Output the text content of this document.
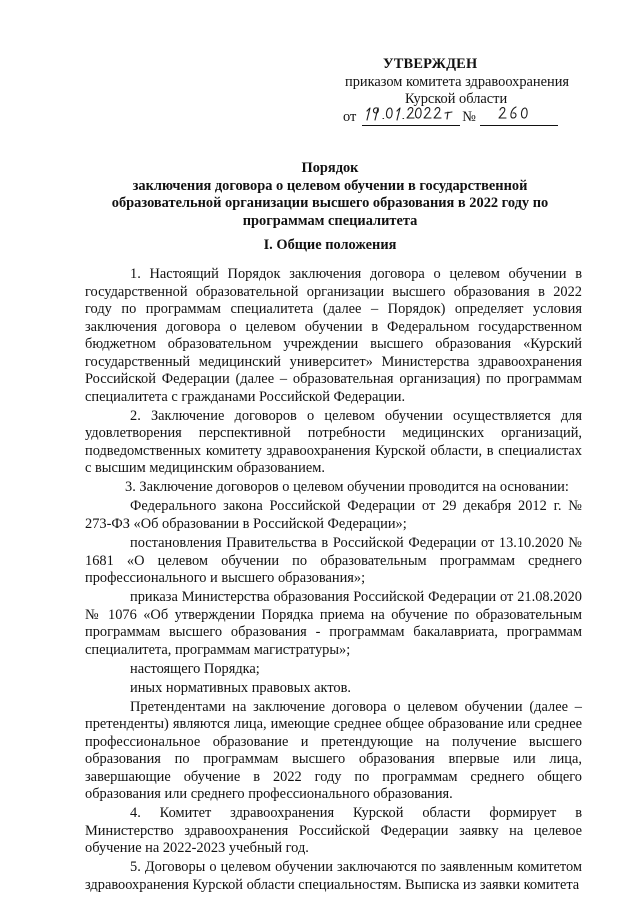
УТВЕРЖДЕН
приказом комитета здравоохранения
Курской области
от	№
Порядок
заключения договора о целевом обучении в государственной
образовательной организации высшего образования в 2022 году по
программам специалитета
I. Общие положения

1. Настоящий Порядок заключения договора о целевом обучении в государственной образовательной организации высшего образования в 2022 году по программам специалитета (далее – Порядок) определяет условия заключения договора о целевом обучении в Федеральном государственном бюджетном образовательном учреждении высшего образования «Курский государственный медицинский университет» Министерства здравоохранения Российской Федерации (далее – образовательная организация) по программам специалитета с гражданами Российской Федерации.

2. Заключение договоров о целевом обучении осуществляется для удовлетворения перспективной потребности медицинских организаций, подведомственных комитету здравоохранения Курской области, в специалистах с высшим медицинским образованием.

3. Заключение договоров о целевом обучении проводится на основании:

Федерального закона Российской Федерации от 29 декабря 2012 г. № 273-ФЗ «Об образовании в Российской Федерации»;

постановления Правительства в Российской Федерации от 13.10.2020 № 1681 «О целевом обучении по образовательным программам среднего профессионального и высшего образования»;

приказа Министерства образования Российской Федерации от 21.08.2020 № 1076 «Об утверждении Порядка приема на обучение по образовательным программам высшего образования - программам бакалавриата, программам специалитета, программам магистратуры»;

настоящего Порядка;

иных нормативных правовых актов.

Претендентами на заключение договора о целевом обучении (далее – претенденты) являются лица, имеющие среднее общее образование или среднее профессиональное образование и претендующие на получение высшего образования по программам высшего образования впервые или лица, завершающие обучение в 2022 году по программам среднего общего образования или среднего профессионального образования.

4. Комитет здравоохранения Курской области формирует в Министерство здравоохранения Российской Федерации заявку на целевое обучение на 2022-2023 учебный год.

5. Договоры о целевом обучении заключаются по заявленным комитетом здравоохранения Курской области специальностям. Выписка из заявки комитета
